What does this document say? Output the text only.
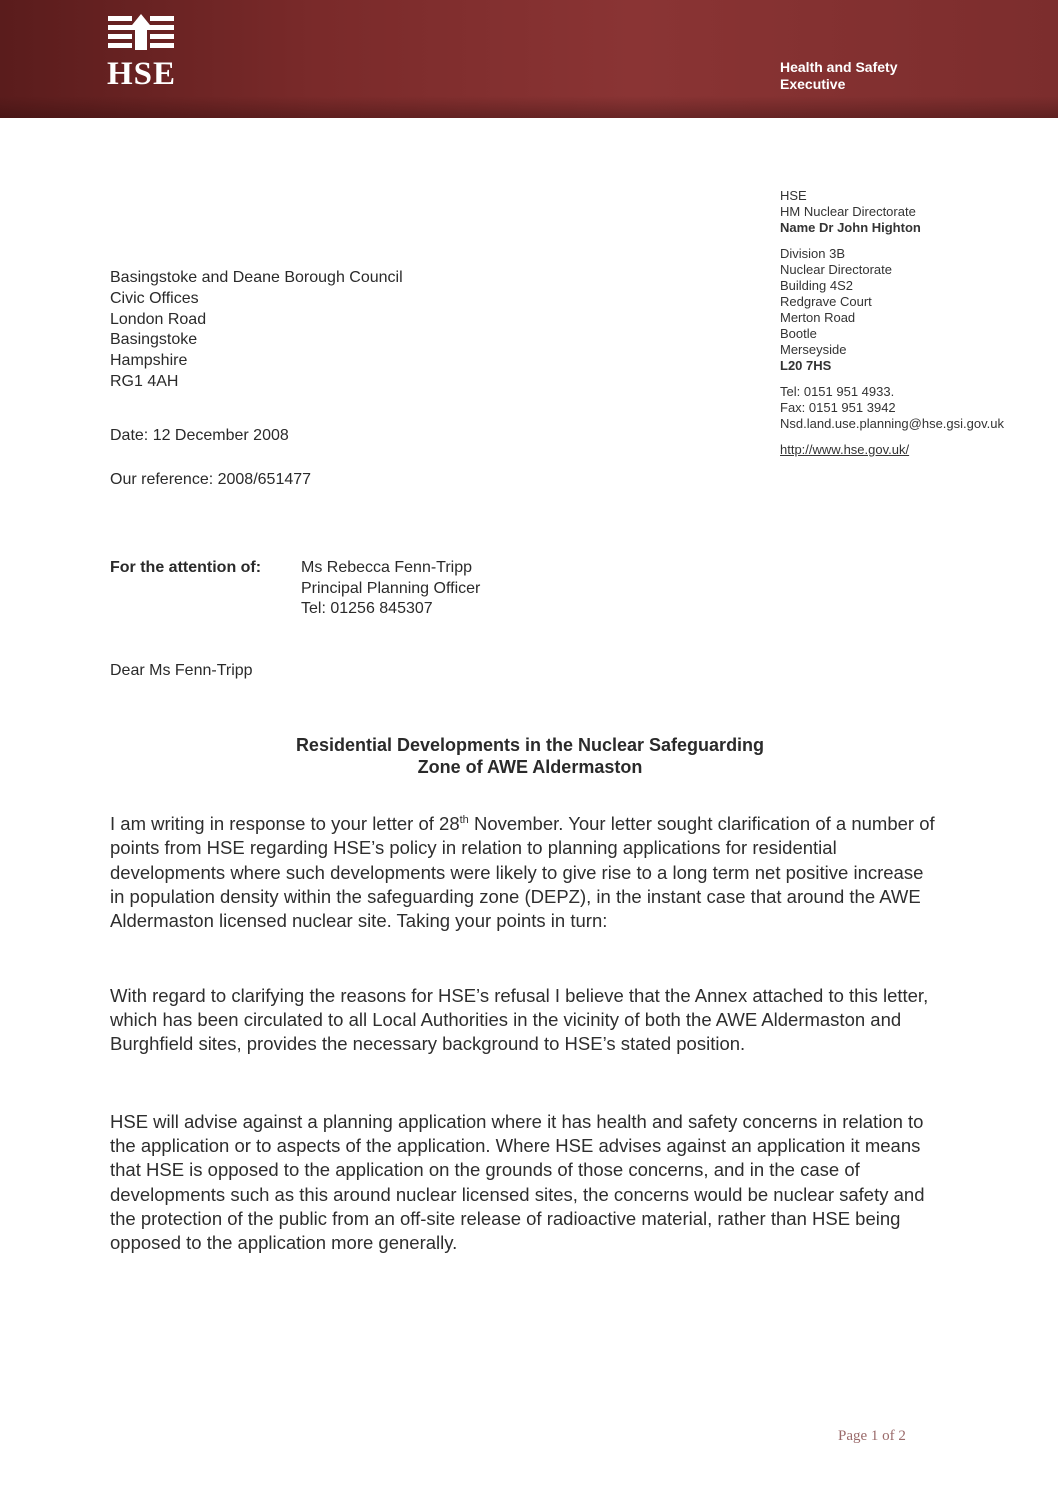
HSE	Health and Safety
Executive
HSE
HM Nuclear Directorate
Name Dr John Highton
Division 3B
Nuclear Directorate
Building 4S2
Redgrave Court
Merton Road
Bootle
Merseyside
L20 7HS
Tel: 0151 951 4933.
Fax: 0151 951 3942
Nsd.land.use.planning@hse.gsi.gov.uk
http://www.hse.gov.uk/
Basingstoke and Deane Borough Council
Civic Offices
London Road
Basingstoke
Hampshire
RG1 4AH
Date: 12 December 2008
Our reference: 2008/651477
For the attention of: Ms Rebecca Fenn-Tripp
Principal Planning Officer
Tel: 01256 845307
Dear Ms Fenn-Tripp
Residential Developments in the Nuclear Safeguarding
Zone of AWE Aldermaston
I am writing in response to your letter of 28th November. Your letter sought clarification of a number of points from HSE regarding HSE’s policy in relation to planning applications for residential developments where such developments were likely to give rise to a long term net positive increase in population density within the safeguarding zone (DEPZ), in the instant case that around the AWE Aldermaston licensed nuclear site. Taking your points in turn:
With regard to clarifying the reasons for HSE’s refusal I believe that the Annex attached to this letter, which has been circulated to all Local Authorities in the vicinity of both the AWE Aldermaston and Burghfield sites, provides the necessary background to HSE’s stated position.
HSE will advise against a planning application where it has health and safety concerns in relation to the application or to aspects of the application. Where HSE advises against an application it means that HSE is opposed to the application on the grounds of those concerns, and in the case of developments such as this around nuclear licensed sites, the concerns would be nuclear safety and the protection of the public from an off-site release of radioactive material, rather than HSE being opposed to the application more generally.
Page 1 of 2
